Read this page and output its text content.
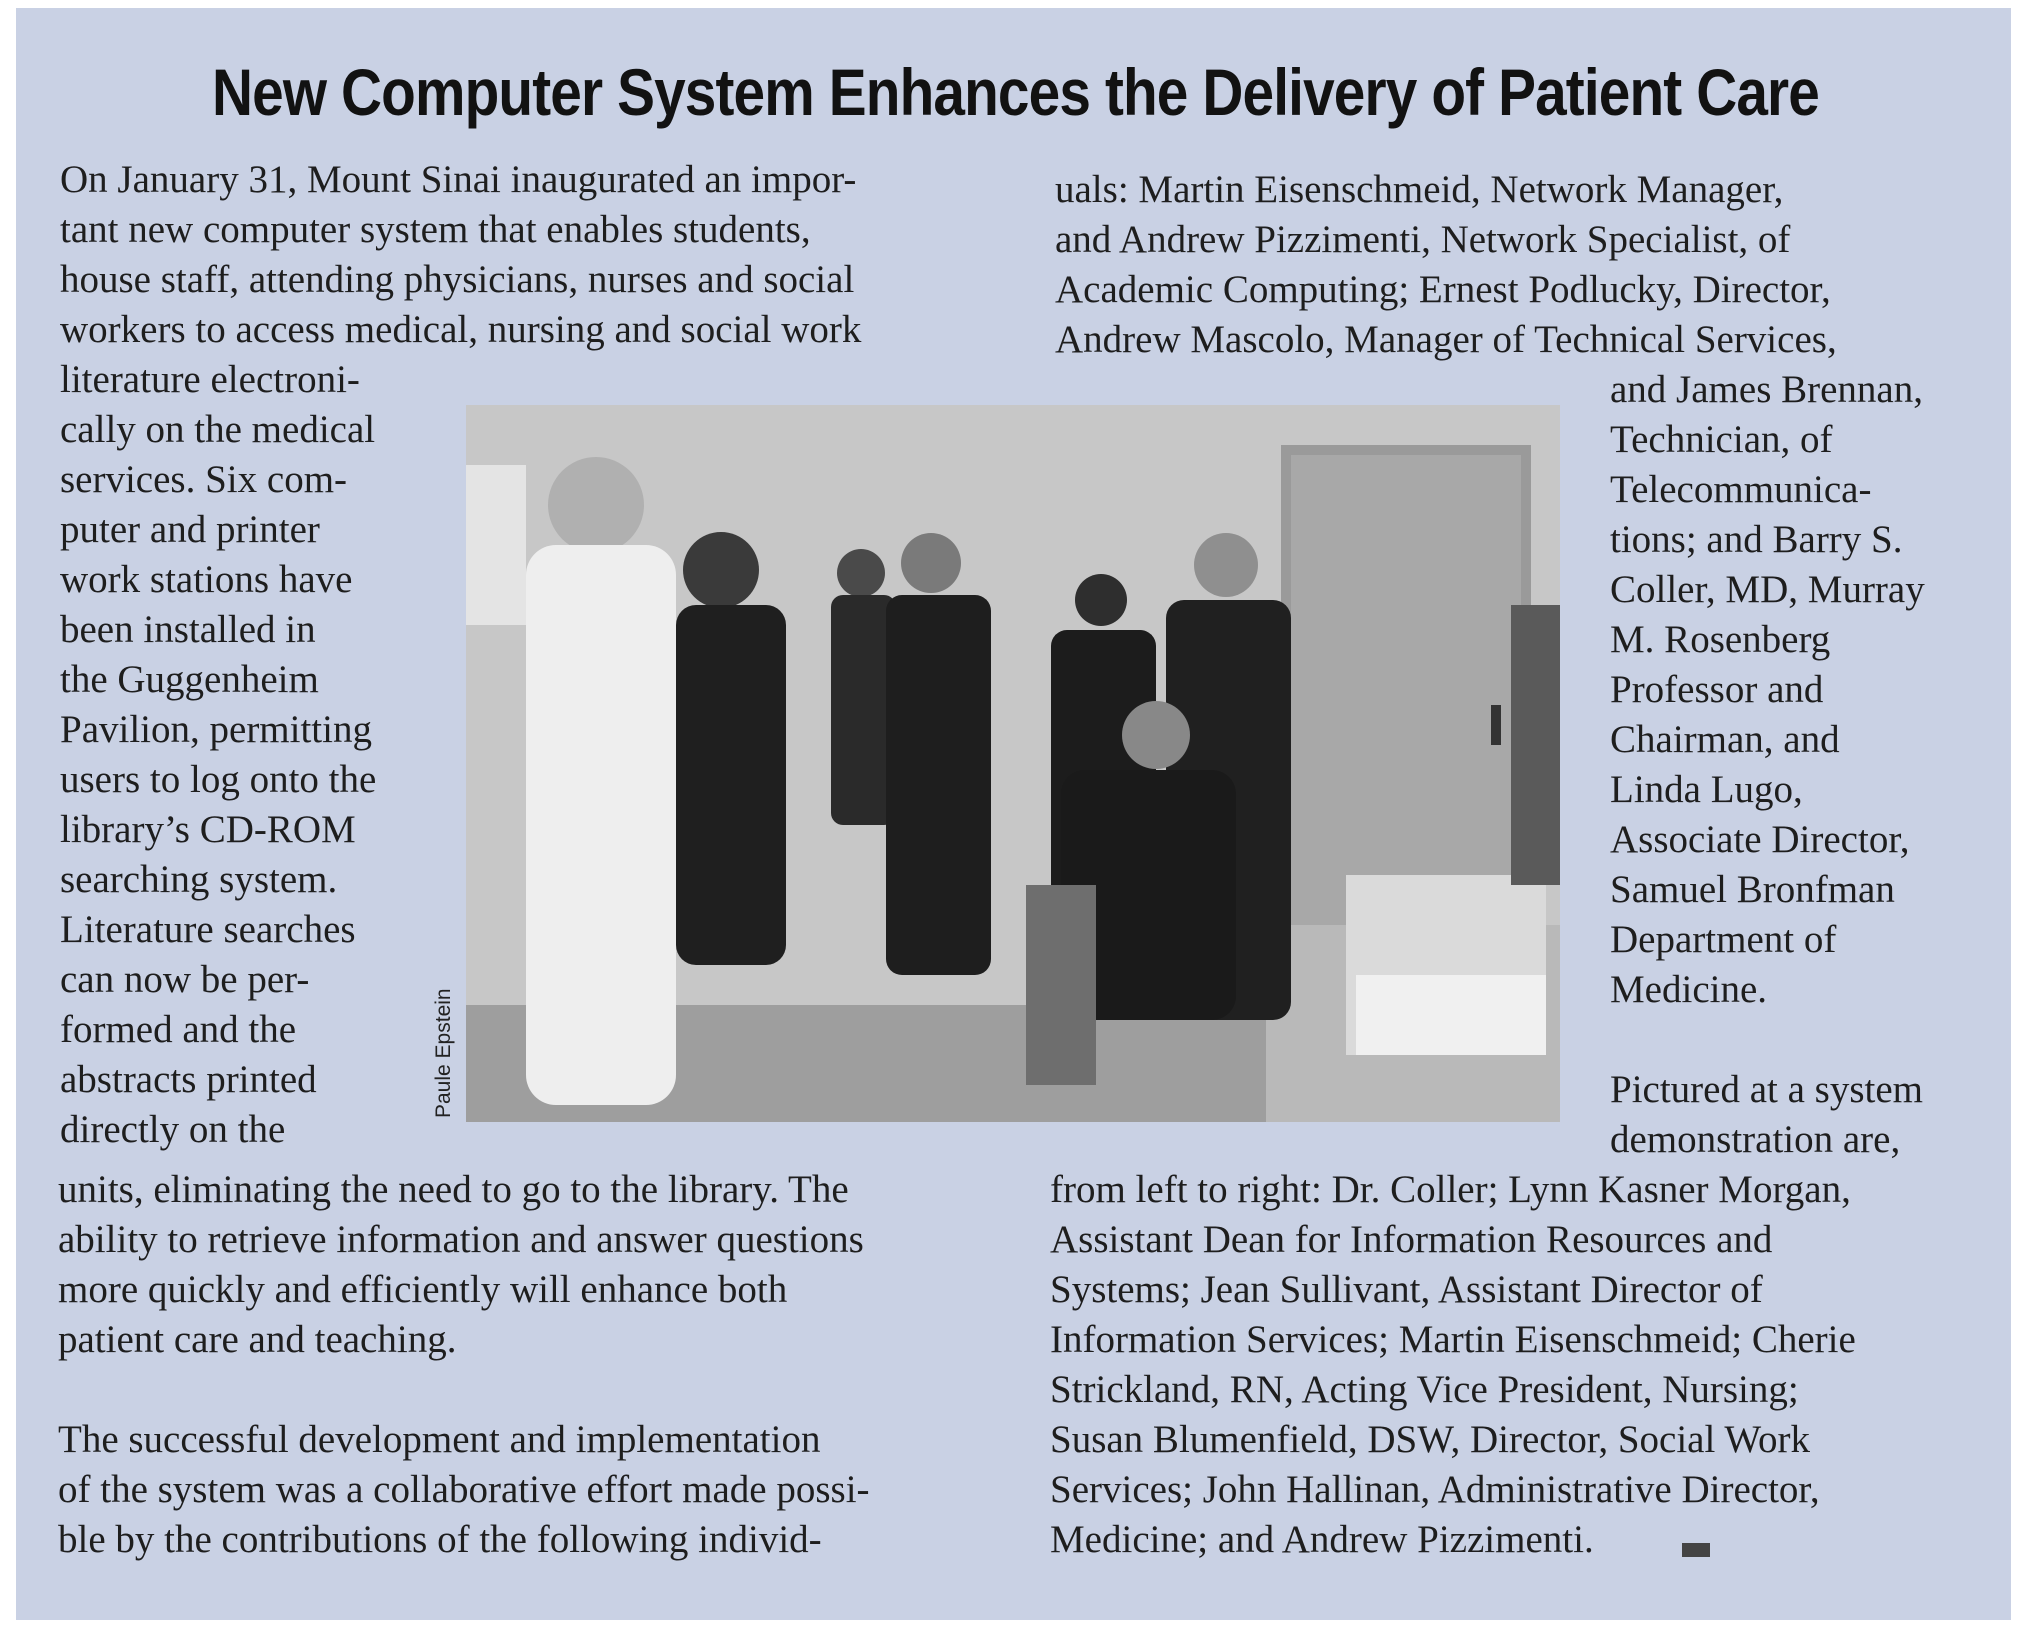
New Computer System Enhances the Delivery of Patient Care
On January 31, Mount Sinai inaugurated an impor-
tant new computer system that enables students,
house staff, attending physicians, nurses and social
workers to access medical, nursing and social work
literature electroni-
cally on the medical
services. Six com-
puter and printer
work stations have
been installed in
the Guggenheim
Pavilion, permitting
users to log onto the
library’s CD-ROM
searching system.
Literature searches
can now be per-
formed and the
abstracts printed
directly on the
units, eliminating the need to go to the library. The
ability to retrieve information and answer questions
more quickly and efficiently will enhance both
patient care and teaching.
The successful development and implementation
of the system was a collaborative effort made possi-
ble by the contributions of the following individ-
uals: Martin Eisenschmeid, Network Manager,
and Andrew Pizzimenti, Network Specialist, of
Academic Computing; Ernest Podlucky, Director,
Andrew Mascolo, Manager of Technical Services,
and James Brennan,
Technician, of
Telecommunica-
tions; and Barry S.
Coller, MD, Murray
M. Rosenberg
Professor and
Chairman, and
Linda Lugo,
Associate Director,
Samuel Bronfman
Department of
Medicine.
Pictured at a system
demonstration are,
from left to right: Dr. Coller; Lynn Kasner Morgan,
Assistant Dean for Information Resources and
Systems; Jean Sullivant, Assistant Director of
Information Services; Martin Eisenschmeid; Cherie
Strickland, RN, Acting Vice President, Nursing;
Susan Blumenfield, DSW, Director, Social Work
Services; John Hallinan, Administrative Director,
Medicine; and Andrew Pizzimenti.
Paule Epstein
